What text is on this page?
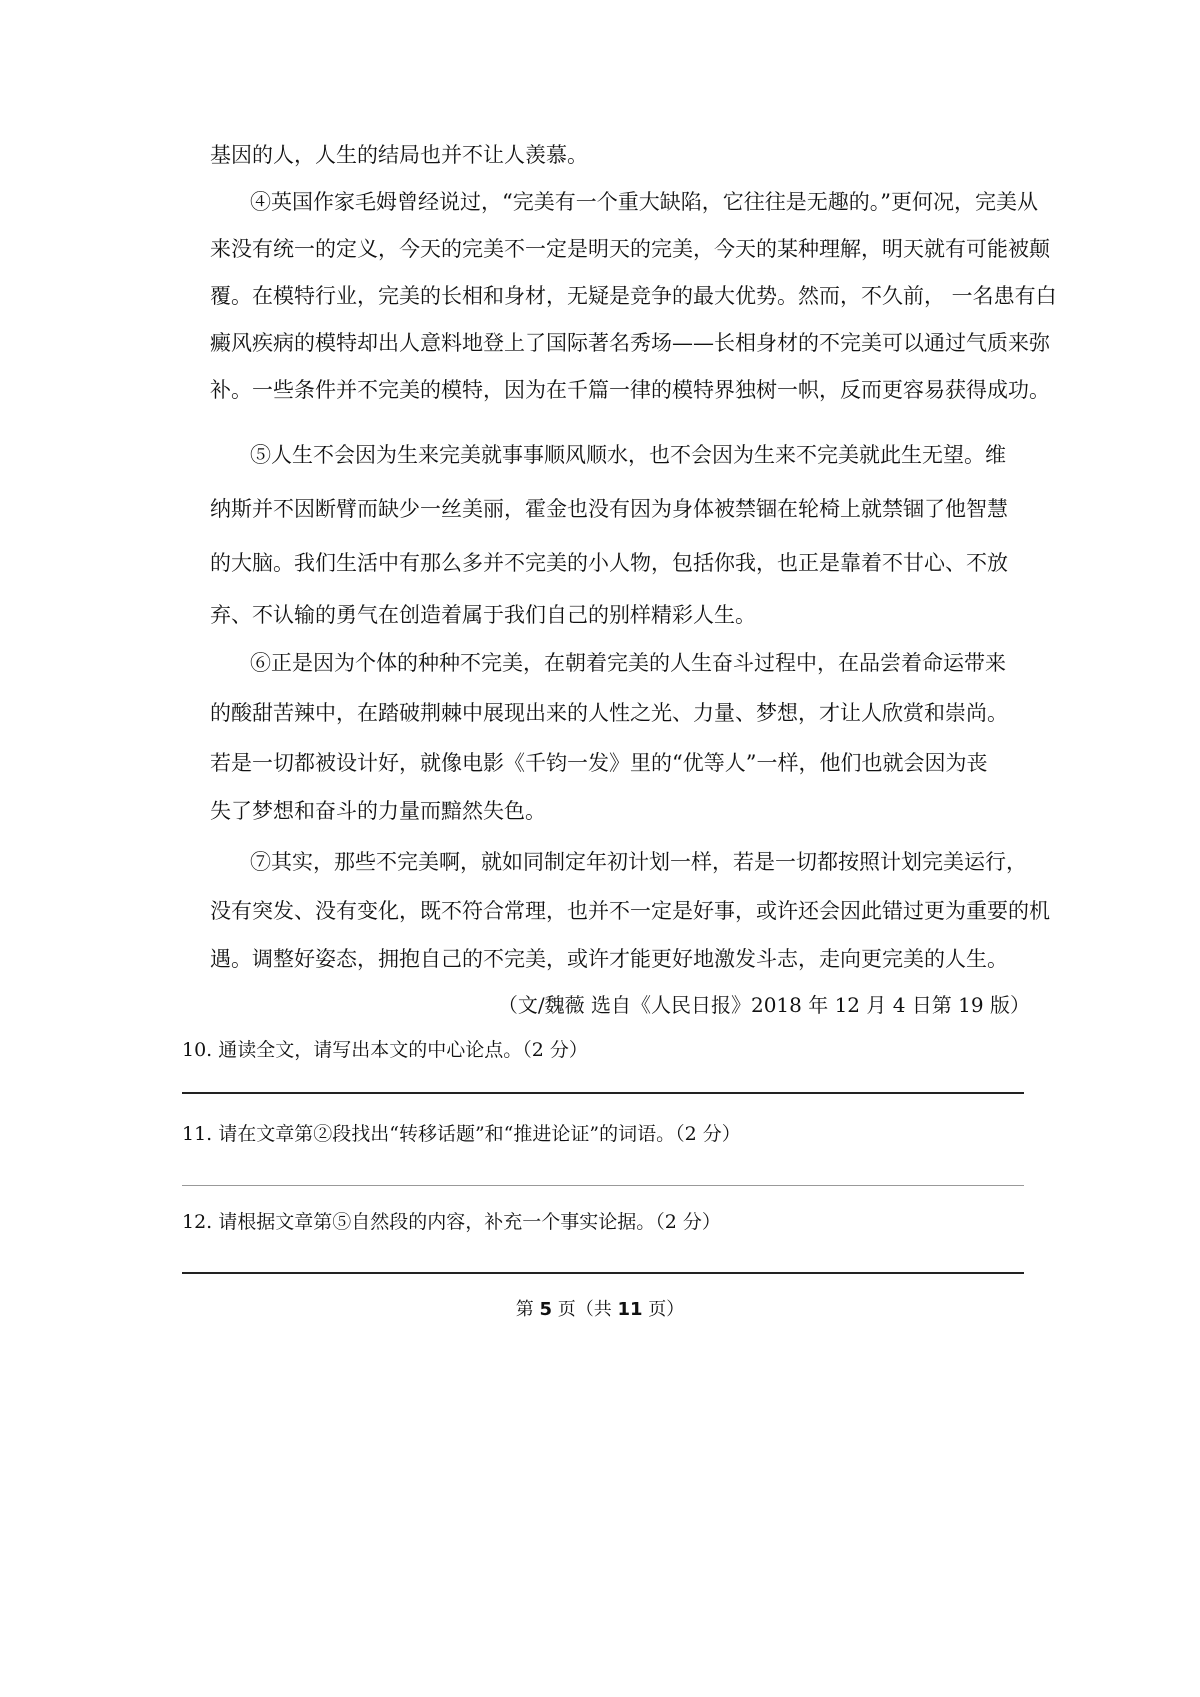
基因的人，人生的结局也并不让人羡慕。
④英国作家毛姆曾经说过，“完美有一个重大缺陷，它往往是无趣的。”更何况，完美从
来没有统一的定义，今天的完美不一定是明天的完美，今天的某种理解，明天就有可能被颠
覆。在模特行业，完美的长相和身材，无疑是竞争的最大优势。然而，不久前， 一名患有白
癜风疾病的模特却出人意料地登上了国际著名秀场——长相身材的不完美可以通过气质来弥
补。一些条件并不完美的模特，因为在千篇一律的模特界独树一帜，反而更容易获得成功。
⑤人生不会因为生来完美就事事顺风顺水，也不会因为生来不完美就此生无望。维
纳斯并不因断臂而缺少一丝美丽，霍金也没有因为身体被禁锢在轮椅上就禁锢了他智慧
的大脑。我们生活中有那么多并不完美的小人物，包括你我，也正是靠着不甘心、不放
弃、不认输的勇气在创造着属于我们自己的别样精彩人生。
⑥正是因为个体的种种不完美，在朝着完美的人生奋斗过程中，在品尝着命运带来
的酸甜苦辣中，在踏破荆棘中展现出来的人性之光、力量、梦想，才让人欣赏和崇尚。
若是一切都被设计好，就像电影《千钧一发》里的“优等人”一样，他们也就会因为丧
失了梦想和奋斗的力量而黯然失色。
⑦其实，那些不完美啊，就如同制定年初计划一样，若是一切都按照计划完美运行，
没有突发、没有变化，既不符合常理，也并不一定是好事，或许还会因此错过更为重要的机
遇。调整好姿态，拥抱自己的不完美，或许才能更好地激发斗志，走向更完美的人生。
（文/魏薇 选自《人民日报》2018 年 12 月 4 日第 19 版）
10. 通读全文，请写出本文的中心论点。（2 分）
11. 请在文章第②段找出“转移话题”和“推进论证”的词语。（2 分）
12. 请根据文章第⑤自然段的内容，补充一个事实论据。（2 分）
第 5 页（共 11 页）
